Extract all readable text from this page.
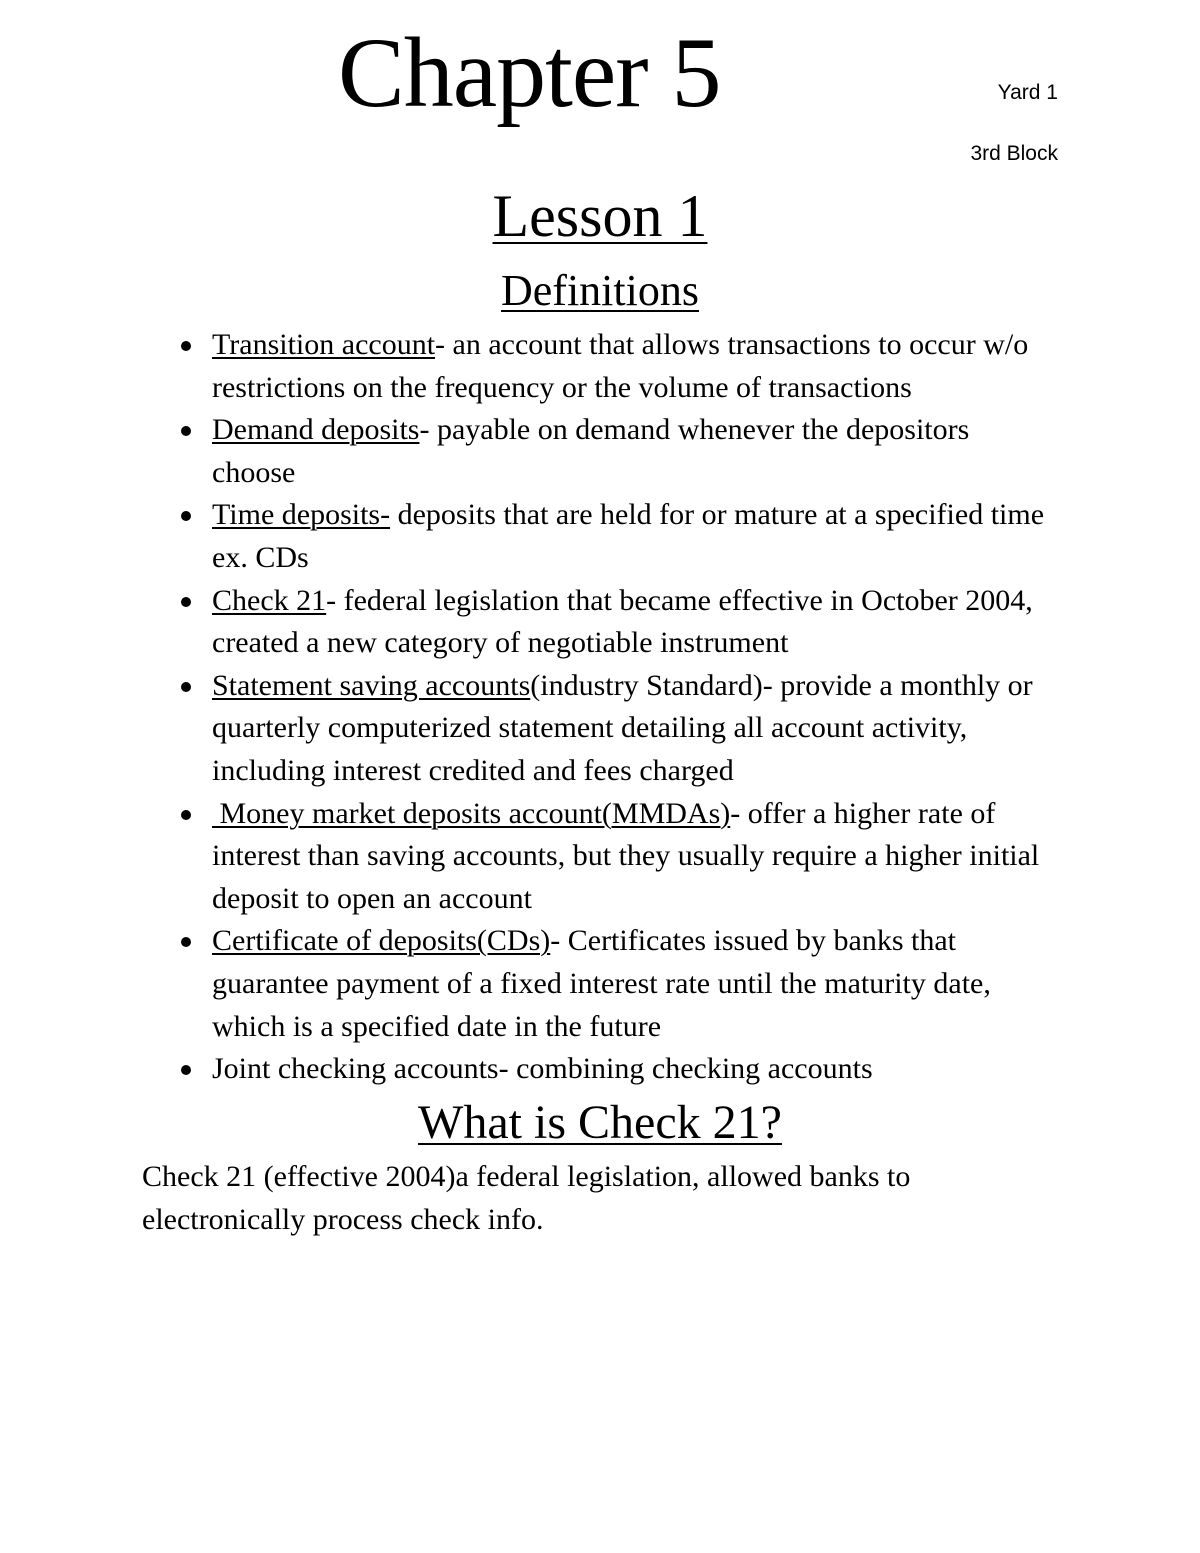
Chapter 5	Yard 1
3rd Block
Lesson 1
Definitions
Transition account- an account that allows transactions to occur w/o restrictions on the frequency or the volume of transactions
Demand deposits- payable on demand whenever the depositors choose
Time deposits- deposits that are held for or mature at a specified time ex. CDs
Check 21- federal legislation that became effective in October 2004, created a new category of negotiable instrument
Statement saving accounts(industry Standard)- provide a monthly or quarterly computerized statement detailing all account activity, including interest credited and fees charged
Money market deposits account(MMDAs)- offer a higher rate of interest than saving accounts, but they usually require a higher initial deposit to open an account
Certificate of deposits(CDs)- Certificates issued by banks that guarantee payment of a fixed interest rate until the maturity date, which is a specified date in the future
Joint checking accounts- combining checking accounts
What is Check 21?

Check 21 (effective 2004)a federal legislation, allowed banks to electronically process check info.
